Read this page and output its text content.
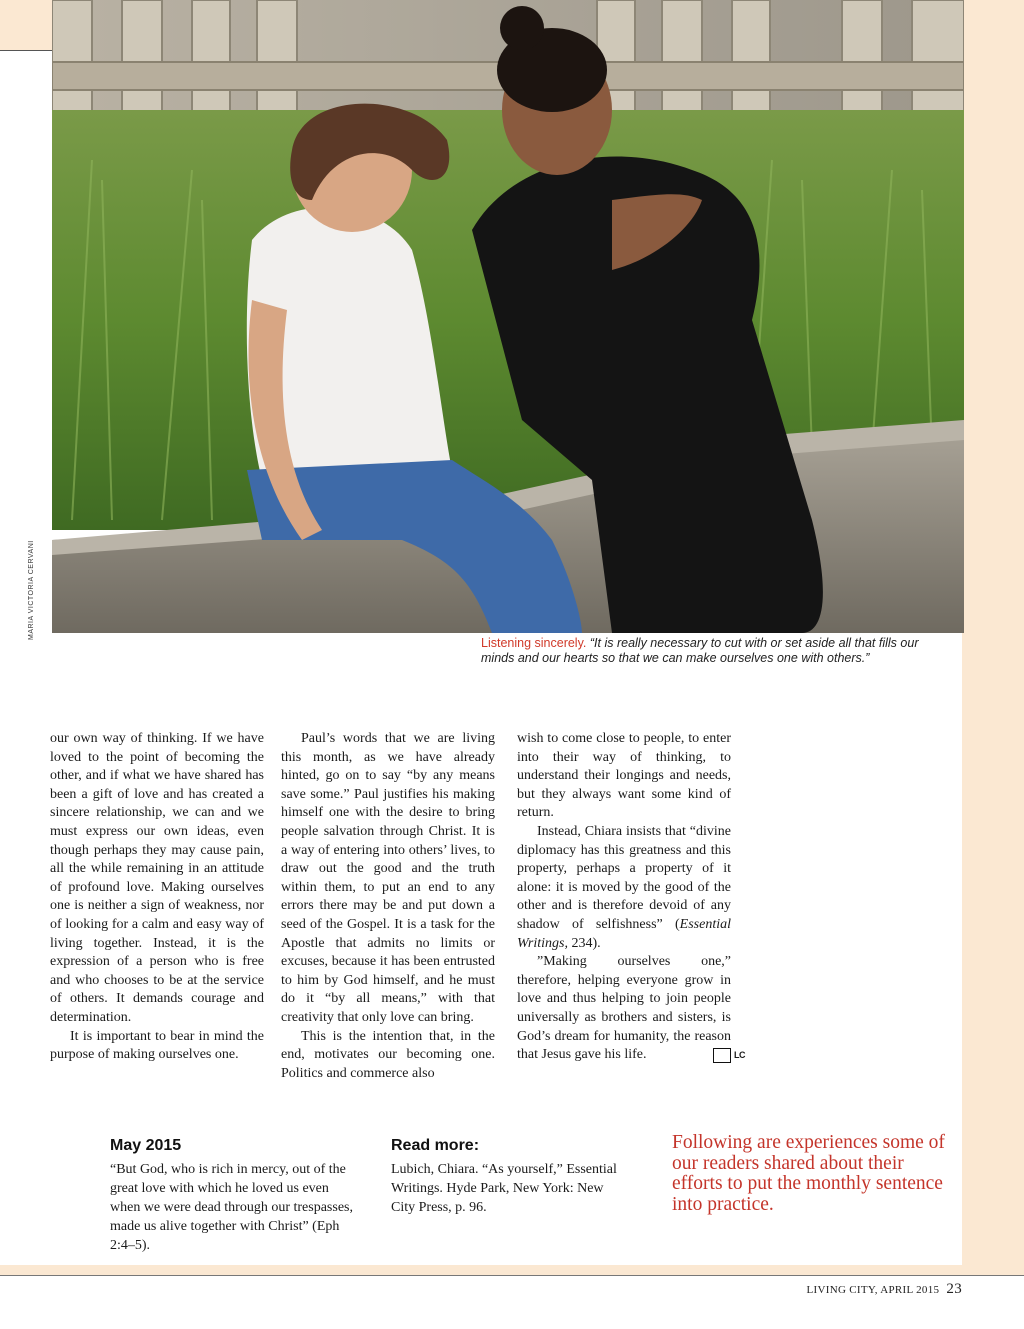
MARIA VICTORIA CERVANI
Listening sincerely. “It is really necessary to cut with or set aside all that fills our minds and our hearts so that we can make ourselves one with others.”

our own way of thinking. If we have loved to the point of becoming the other, and if what we have shared has been a gift of love and has created a sincere relationship, we can and we must express our own ideas, even though perhaps they may cause pain, all the while remaining in an attitude of profound love. Making ourselves one is neither a sign of weakness, nor of looking for a calm and easy way of living together. Instead, it is the expression of a person who is free and who chooses to be at the service of others. It demands courage and determination.

It is important to bear in mind the purpose of making ourselves one.

Paul’s words that we are living this month, as we have already hinted, go on to say “by any means save some.” Paul justifies his making himself one with the desire to bring people salvation through Christ. It is a way of entering into others’ lives, to draw out the good and the truth within them, to put an end to any errors there may be and put down a seed of the Gospel. It is a task for the Apostle that admits no limits or excuses, because it has been entrusted to him by God himself, and he must do it “by all means,” with that creativity that only love can bring.

This is the intention that, in the end, motivates our becoming one. Politics and commerce also

wish to come close to people, to enter into their way of thinking, to understand their longings and needs, but they always want some kind of return.

Instead, Chiara insists that “divine diplomacy has this greatness and this property, perhaps a property of it alone: it is moved by the good of the other and is therefore devoid of any shadow of selfishness” (Essential Writings, 234).

”Making ourselves one,” therefore, helping everyone grow in love and thus helping to join people universally as brothers and sisters, is God’s dream for humanity, the reason that Jesus gave his life.	LC

May 2015
“But God, who is rich in mercy, out of the great love with which he loved us even when we were dead through our trespasses, made us alive together with Christ” (Eph 2:4–5).
Read more:
Lubich, Chiara. “As yourself,” Essential Writings. Hyde Park, New York: New City Press, p. 96.
Following are experiences some of our readers shared about their efforts to put the monthly sentence into practice.
LIVING CITY, APRIL 2015 23
